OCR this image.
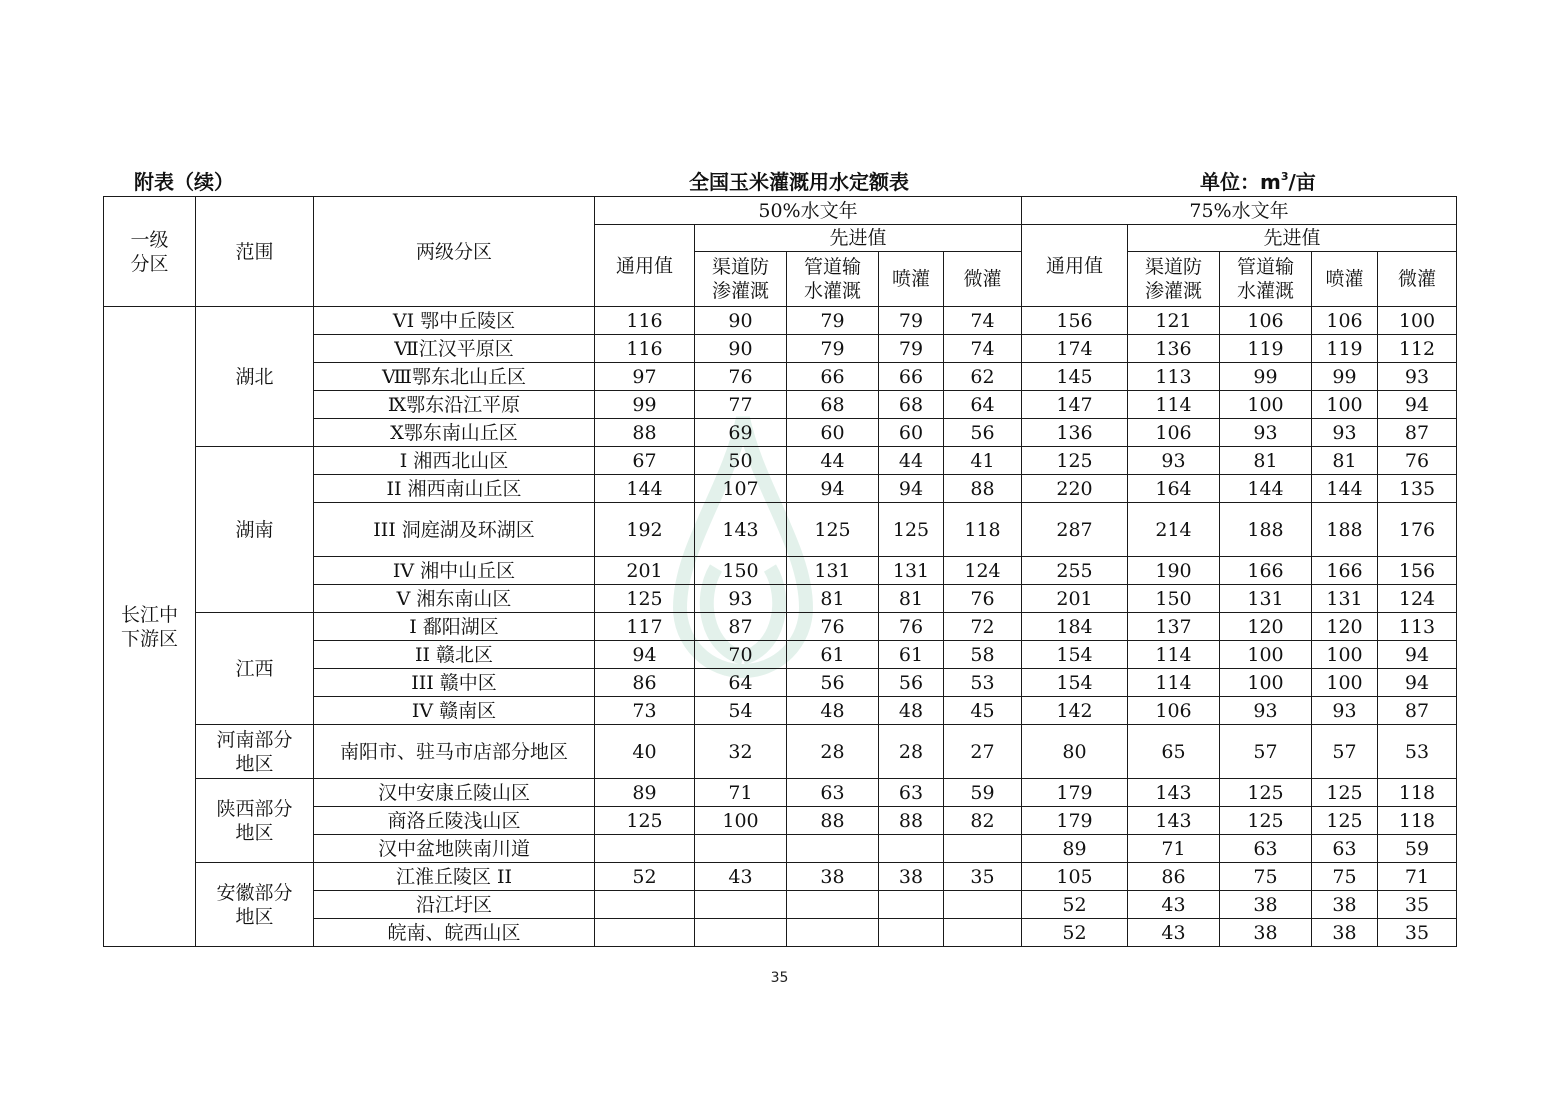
附表（续）	全国玉米灌溉用水定额表	单位：$m^3/$亩
一级分区	范围	两级分区	50%水文年					75%水文年				
			通用值	先进值				通用值	先进值			

				渠道防渗灌溉	管道输水灌溉	喷灌	微灌		渠道防渗灌溉	管道输水灌溉	喷灌	微灌

长江中下游区	湖北	VI 鄂中丘陵区	116	90	79	79	74	156	121	106	106	100
		Ⅶ江汉平原区	116	90	79	79	74	174	136	119	119	112
		Ⅷ鄂东北山丘区	97	76	66	66	62	145	113	99	99	93
		Ⅸ鄂东沿江平原	99	77	68	68	64	147	114	100	100	94
		Ⅹ鄂东南山丘区	88	69	60	60	56	136	106	93	93	87

	湖南	I 湘西北山区	67	50	44	44	41	125	93	81	81	76
		II 湘西南山丘区	144	107	94	94	88	220	164	144	144	135
		III 洞庭湖及环湖区	192	143	125	125	118	287	214	188	188	176
		IV 湘中山丘区	201	150	131	131	124	255	190	166	166	156
		V 湘东南山区	125	93	81	81	76	201	150	131	131	124

	江西	I 鄱阳湖区	117	87	76	76	72	184	137	120	120	113
		II 赣北区	94	70	61	61	58	154	114	100	100	94
		III 赣中区	86	64	56	56	53	154	114	100	100	94
		IV 赣南区	73	54	48	48	45	142	106	93	93	87

	河南部分地区	南阳市、驻马市店部分地区	40	32	28	28	27	80	65	57	57	53

	陕西部分地区	汉中安康丘陵山区	89	71	63	63	59	179	143	125	125	118
		商洛丘陵浅山区	125	100	88	88	82	179	143	125	125	118
		汉中盆地陕南川道						89	71	63	63	59

	安徽部分地区	江淮丘陵区 II	52	43	38	38	35	105	86	75	75	71
		沿江圩区						52	43	38	38	35
		皖南、皖西山区						52	43	38	38	35
35
